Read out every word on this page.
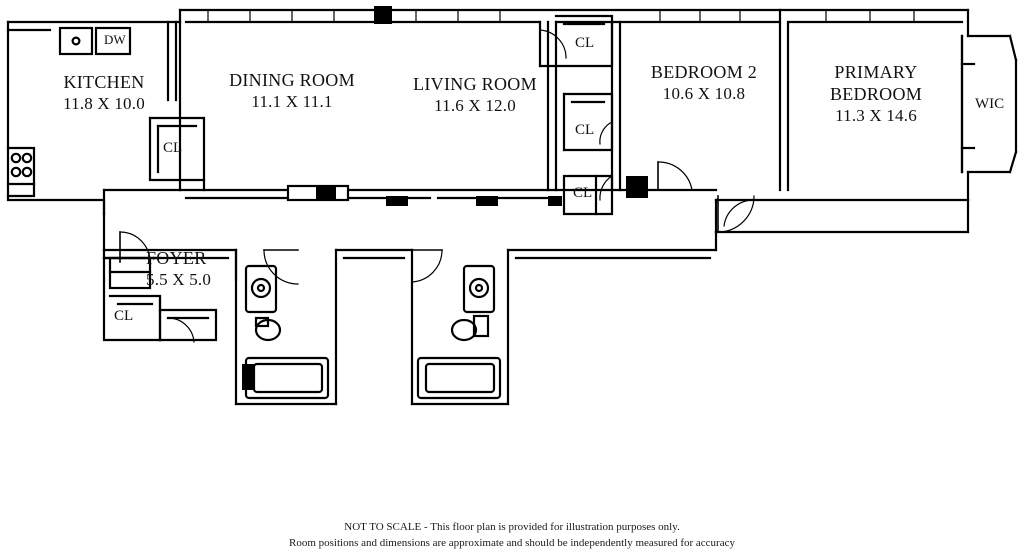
KITCHEN
11.8 X 10.0
DINING ROOM
11.1 X 11.1
LIVING ROOM
11.6 X 12.0
BEDROOM 2
10.6 X 10.8
PRIMARY
BEDROOM
11.3 X 14.6
FOYER
5.5 X 5.0
CL
CL
CL
CL
CL
WIC
DW
NOT TO SCALE - This floor plan is provided for illustration purposes only.
Room positions and dimensions are approximate and should be independently measured for accuracy
